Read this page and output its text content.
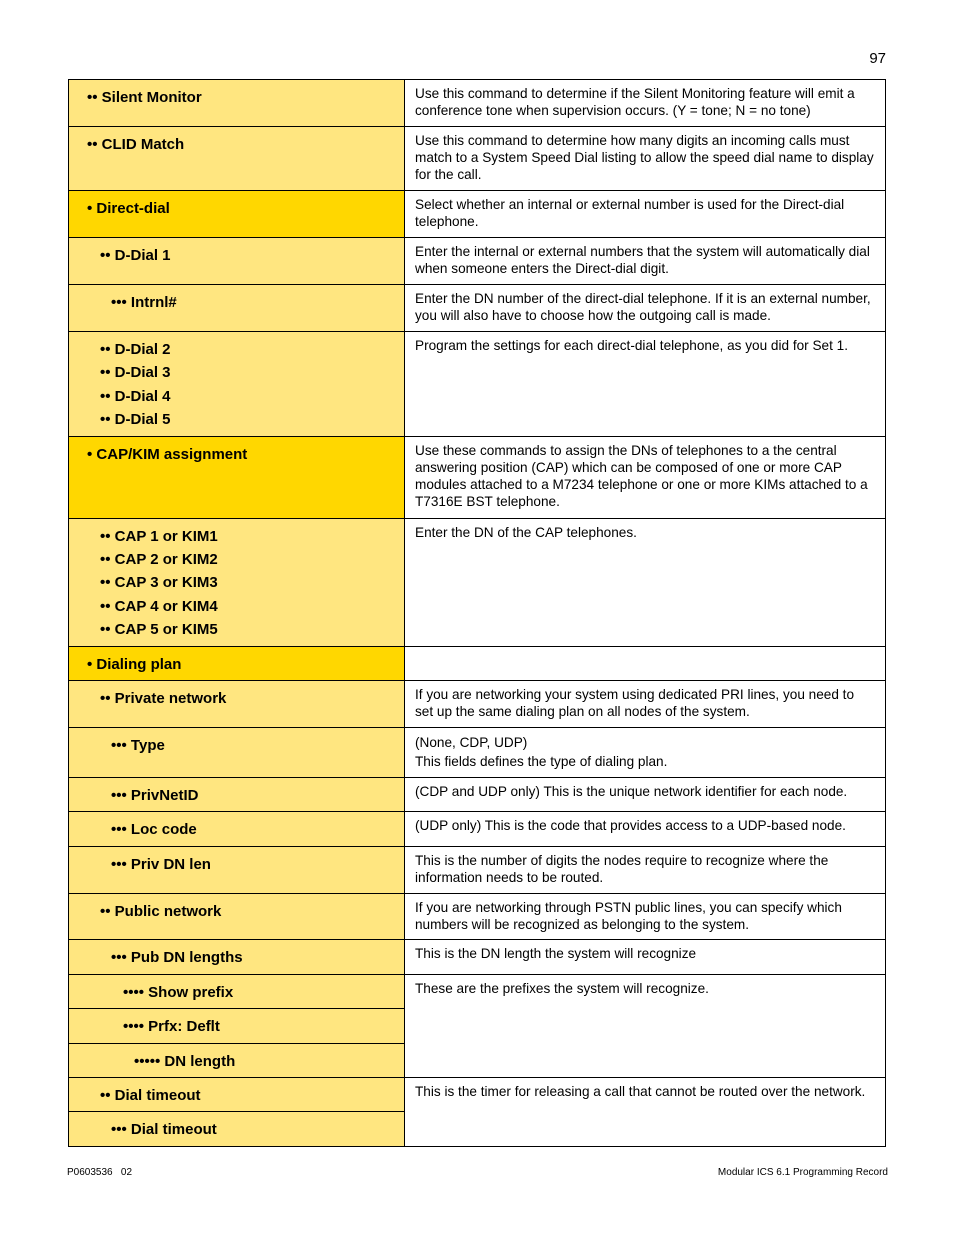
97
•• Silent Monitor	Use this command to determine if the Silent Monitoring feature will emit a conference tone when supervision occurs. (Y = tone; N = no tone)

•• CLID Match	Use this command to determine how many digits an incoming calls must match to a System Speed Dial listing to allow the speed dial name to display for the call.

• Direct-dial	Select whether an internal or external number is used for the Direct-dial telephone.

•• D-Dial 1	Enter the internal or external numbers that the system will automatically dial when someone enters the Direct-dial digit.

••• Intrnl#	Enter the DN number of the direct-dial telephone. If it is an external number, you will also have to choose how the outgoing call is made.

•• D-Dial 2
•• D-Dial 3
•• D-Dial 4
•• D-Dial 5	Program the settings for each direct-dial telephone, as you did for Set 1.

• CAP/KIM assignment	Use these commands to assign the DNs of telephones to a the central answering position (CAP) which can be composed of one or more CAP modules attached to a M7234 telephone or one or more KIMs attached to a T7316E BST telephone.

•• CAP 1 or KIM1
•• CAP 2 or KIM2
•• CAP 3 or KIM3
•• CAP 4 or KIM4
•• CAP 5 or KIM5	Enter the DN of the CAP telephones.

• Dialing plan	

•• Private network	If you are networking your system using dedicated PRI lines, you need to set up the same dialing plan on all nodes of the system.

••• Type	(None, CDP, UDP)
This fields defines the type of dialing plan.

••• PrivNetID	(CDP and UDP only) This is the unique network identifier for each node.

••• Loc code	(UDP only) This is the code that provides access to a UDP-based node.

••• Priv DN len	This is the number of digits the nodes require to recognize where the information needs to be routed.

•• Public network	If you are networking through PSTN public lines, you can specify which numbers will be recognized as belonging to the system.

••• Pub DN lengths	This is the DN length the system will recognize

•••• Show prefix	These are the prefixes the system will recognize.

•••• Prfx: Deflt	

••••• DN length	

•• Dial timeout	This is the timer for releasing a call that cannot be routed over the network.

••• Dial timeout	
P0603536   02	Modular ICS 6.1 Programming Record
